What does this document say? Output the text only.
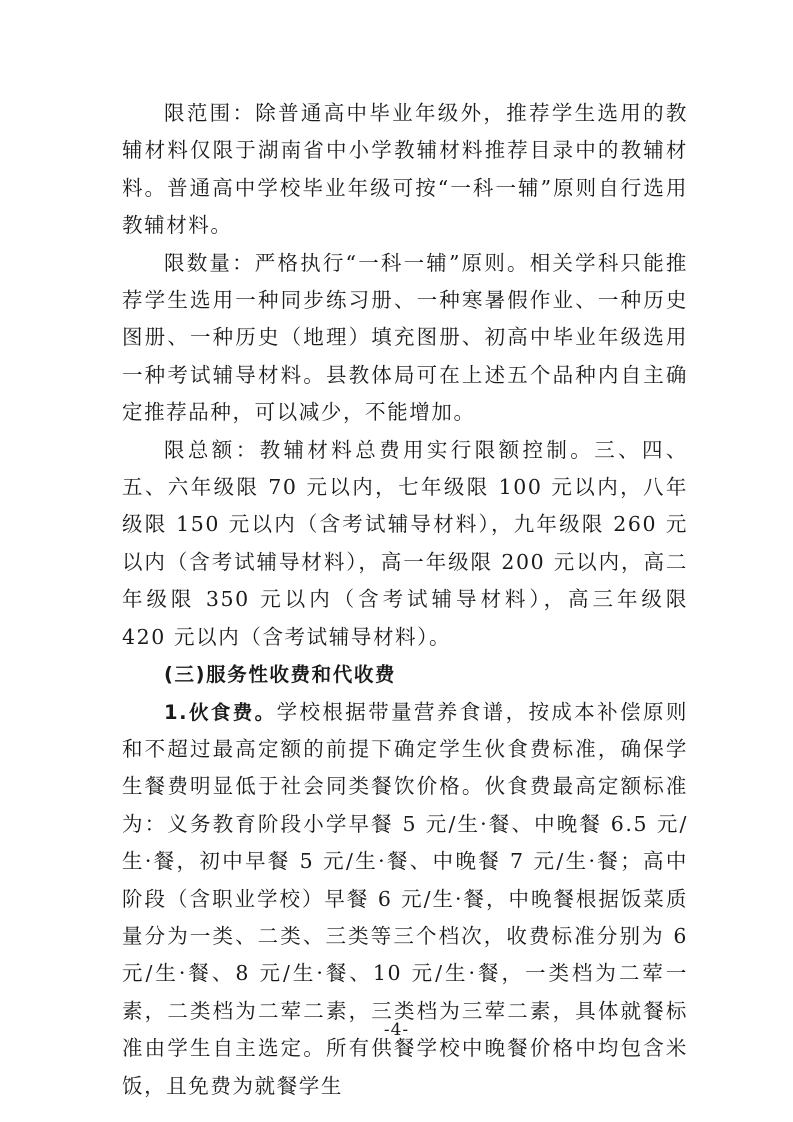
限范围：除普通高中毕业年级外，推荐学生选用的教辅材料仅限于湖南省中小学教辅材料推荐目录中的教辅材料。普通高中学校毕业年级可按“一科一辅”原则自行选用教辅材料。

限数量：严格执行“一科一辅”原则。相关学科只能推荐学生选用一种同步练习册、一种寒暑假作业、一种历史图册、一种历史（地理）填充图册、初高中毕业年级选用一种考试辅导材料。县教体局可在上述五个品种内自主确定推荐品种，可以减少，不能增加。

限总额：教辅材料总费用实行限额控制。三、四、五、六年级限 70 元以内，七年级限 100 元以内，八年级限 150 元以内（含考试辅导材料），九年级限 260 元以内（含考试辅导材料），高一年级限 200 元以内，高二年级限 350 元以内（含考试辅导材料），高三年级限 420 元以内（含考试辅导材料）。

(三)服务性收费和代收费

1.伙食费。学校根据带量营养食谱，按成本补偿原则和不超过最高定额的前提下确定学生伙食费标准，确保学生餐费明显低于社会同类餐饮价格。伙食费最高定额标准为：义务教育阶段小学早餐 5 元/生·餐、中晚餐 6.5 元/生·餐，初中早餐 5 元/生·餐、中晚餐 7 元/生·餐；高中阶段（含职业学校）早餐 6 元/生·餐，中晚餐根据饭菜质量分为一类、二类、三类等三个档次，收费标准分别为 6 元/生·餐、8 元/生·餐、10 元/生·餐，一类档为二荤一素，二类档为二荤二素，三类档为三荤二素，具体就餐标准由学生自主选定。所有供餐学校中晚餐价格中均包含米饭，且免费为就餐学生

-4-
